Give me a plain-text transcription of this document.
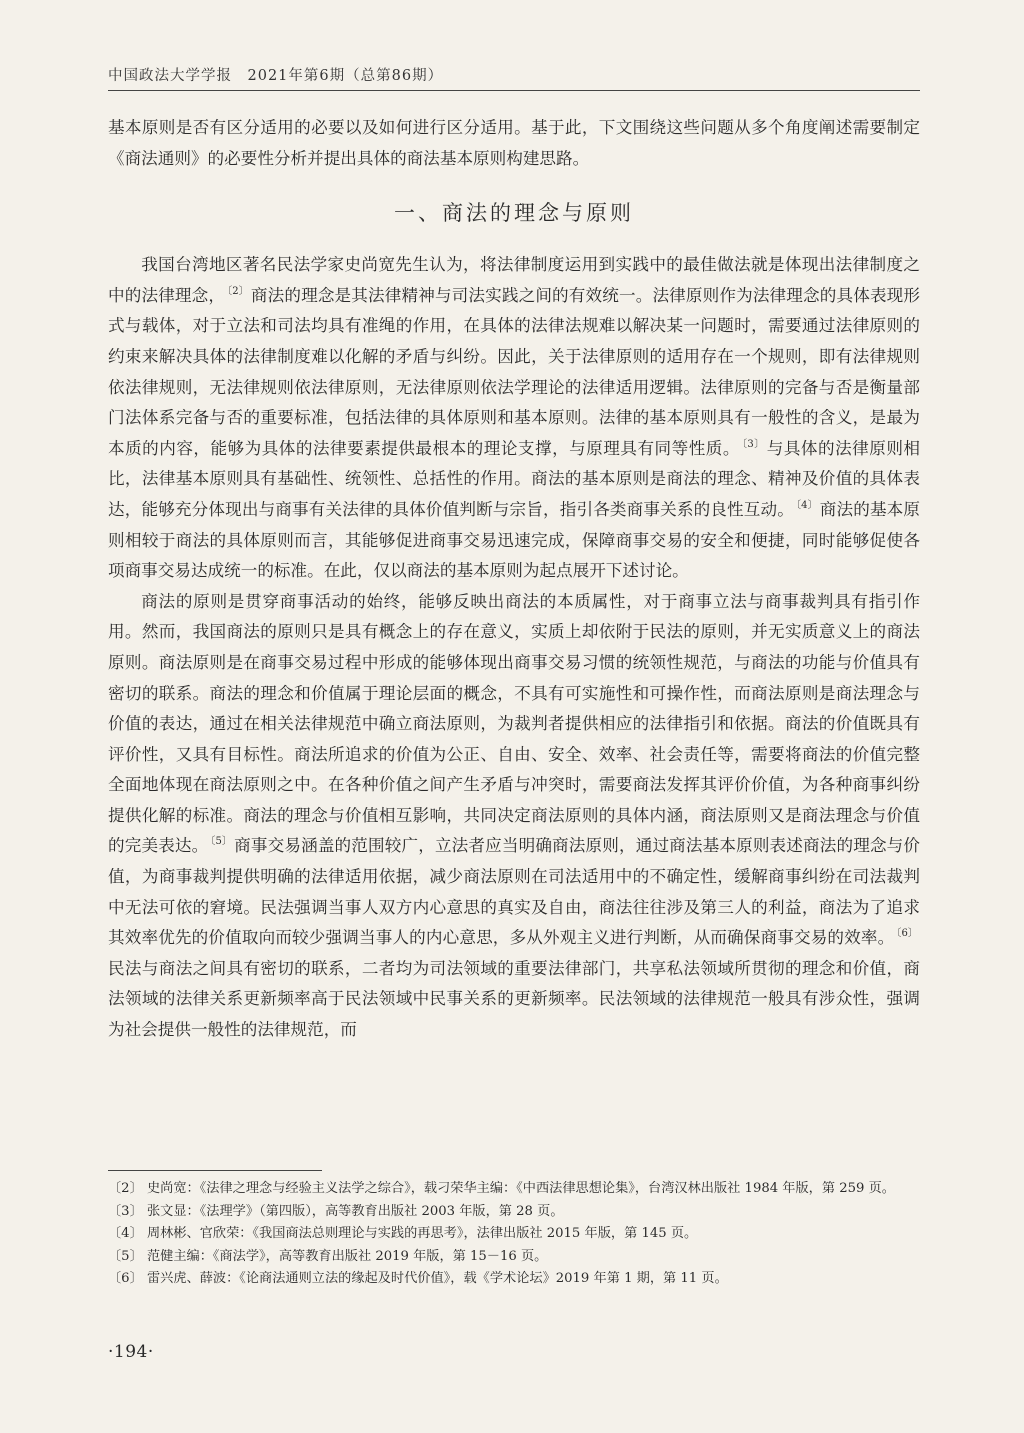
中国政法大学学报　2021年第6期（总第86期）

基本原则是否有区分适用的必要以及如何进行区分适用。基于此，下文围绕这些问题从多个角度阐述需要制定《商法通则》的必要性分析并提出具体的商法基本原则构建思路。

一、商法的理念与原则

我国台湾地区著名民法学家史尚宽先生认为，将法律制度运用到实践中的最佳做法就是体现出法律制度之中的法律理念， $^{〔2〕}$ 商法的理念是其法律精神与司法实践之间的有效统一。法律原则作为法律理念的具体表现形式与载体，对于立法和司法均具有准绳的作用，在具体的法律法规难以解决某一问题时，需要通过法律原则的约束来解决具体的法律制度难以化解的矛盾与纠纷。因此，关于法律原则的适用存在一个规则，即有法律规则依法律规则，无法律规则依法律原则，无法律原则依法学理论的法律适用逻辑。法律原则的完备与否是衡量部门法体系完备与否的重要标准，包括法律的具体原则和基本原则。法律的基本原则具有一般性的含义，是最为本质的内容，能够为具体的法律要素提供最根本的理论支撑，与原理具有同等性质。 $^{〔3〕}$ 与具体的法律原则相比，法律基本原则具有基础性、统领性、总括性的作用。商法的基本原则是商法的理念、精神及价值的具体表达，能够充分体现出与商事有关法律的具体价值判断与宗旨，指引各类商事关系的良性互动。 $^{〔4〕}$ 商法的基本原则相较于商法的具体原则而言，其能够促进商事交易迅速完成，保障商事交易的安全和便捷，同时能够促使各项商事交易达成统一的标准。在此，仅以商法的基本原则为起点展开下述讨论。

商法的原则是贯穿商事活动的始终，能够反映出商法的本质属性，对于商事立法与商事裁判具有指引作用。然而，我国商法的原则只是具有概念上的存在意义，实质上却依附于民法的原则，并无实质意义上的商法原则。商法原则是在商事交易过程中形成的能够体现出商事交易习惯的统领性规范，与商法的功能与价值具有密切的联系。商法的理念和价值属于理论层面的概念，不具有可实施性和可操作性，而商法原则是商法理念与价值的表达，通过在相关法律规范中确立商法原则，为裁判者提供相应的法律指引和依据。商法的价值既具有评价性，又具有目标性。商法所追求的价值为公正、自由、安全、效率、社会责任等，需要将商法的价值完整全面地体现在商法原则之中。在各种价值之间产生矛盾与冲突时，需要商法发挥其评价价值，为各种商事纠纷提供化解的标准。商法的理念与价值相互影响，共同决定商法原则的具体内涵，商法原则又是商法理念与价值的完美表达。 $^{〔5〕}$ 商事交易涵盖的范围较广，立法者应当明确商法原则，通过商法基本原则表述商法的理念与价值，为商事裁判提供明确的法律适用依据，减少商法原则在司法适用中的不确定性，缓解商事纠纷在司法裁判中无法可依的窘境。民法强调当事人双方内心意思的真实及自由，商法往往涉及第三人的利益，商法为了追求其效率优先的价值取向而较少强调当事人的内心意思，多从外观主义进行判断，从而确保商事交易的效率。 $^{〔6〕}$民法与商法之间具有密切的联系，二者均为司法领域的重要法律部门，共享私法领域所贯彻的理念和价值，商法领域的法律关系更新频率高于民法领域中民事关系的更新频率。民法领域的法律规范一般具有涉众性，强调为社会提供一般性的法律规范，而

〔2〕 史尚宽：《法律之理念与经验主义法学之综合》，载刁荣华主编：《中西法律思想论集》，台湾汉林出版社 1984 年版，第 259 页。

〔3〕 张文显：《法理学》（第四版），高等教育出版社 2003 年版，第 28 页。

〔4〕 周林彬、官欣荣：《我国商法总则理论与实践的再思考》，法律出版社 2015 年版，第 145 页。

〔5〕 范健主编：《商法学》，高等教育出版社 2019 年版，第 15－16 页。

〔6〕 雷兴虎、薛波：《论商法通则立法的缘起及时代价值》，载《学术论坛》2019 年第 1 期，第 11 页。

·194·
